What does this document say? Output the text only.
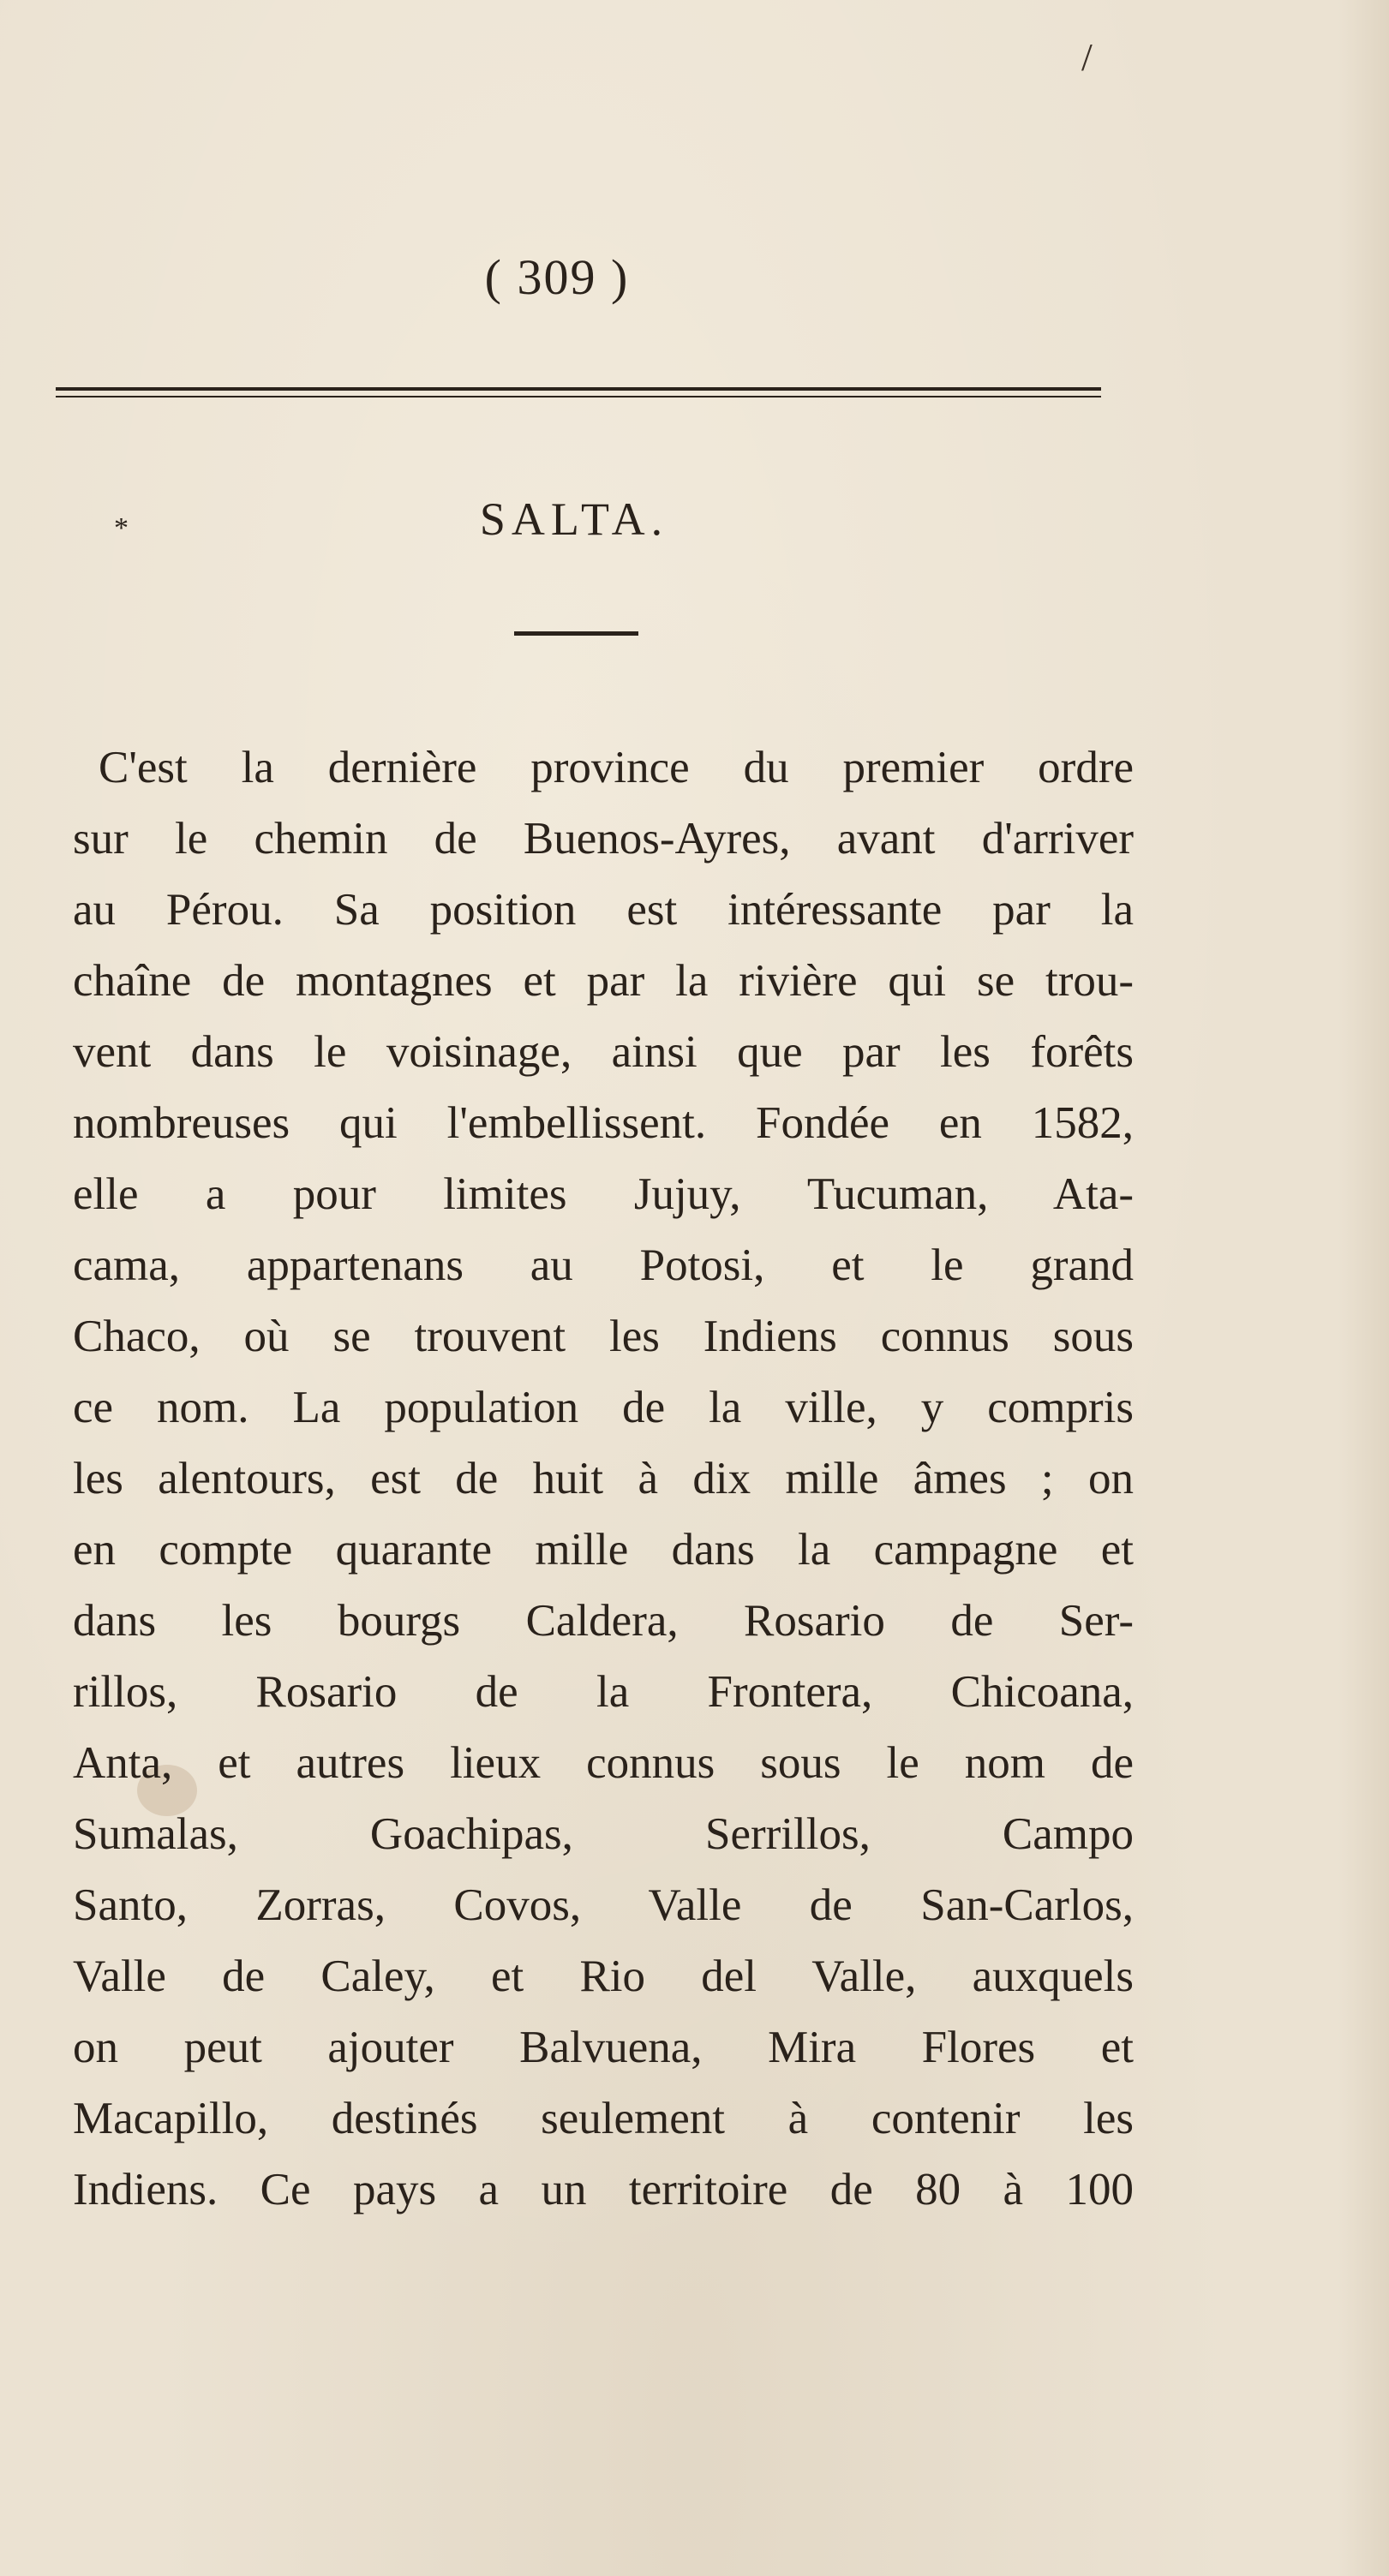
/
( 309 )
*	SALTA.
C'est la dernière province du premier ordre
sur le chemin de Buenos-Ayres, avant d'arriver
au Pérou. Sa position est intéressante par la
chaîne de montagnes et par la rivière qui se trou-
vent dans le voisinage, ainsi que par les forêts
nombreuses qui l'embellissent. Fondée en 1582,
elle a pour limites Jujuy, Tucuman, Ata-
cama, appartenans au Potosi, et le grand
Chaco, où se trouvent les Indiens connus sous
ce nom. La population de la ville, y compris
les alentours, est de huit à dix mille âmes ; on
en compte quarante mille dans la campagne et
dans les bourgs Caldera, Rosario de Ser-
rillos, Rosario de la Frontera, Chicoana,
Anta, et autres lieux connus sous le nom de
Sumalas, Goachipas, Serrillos, Campo
Santo, Zorras, Covos, Valle de San-Carlos,
Valle de Caley, et Rio del Valle, auxquels
on peut ajouter Balvuena, Mira Flores et
Macapillo, destinés seulement à contenir les
Indiens. Ce pays a un territoire de 80 à 100
